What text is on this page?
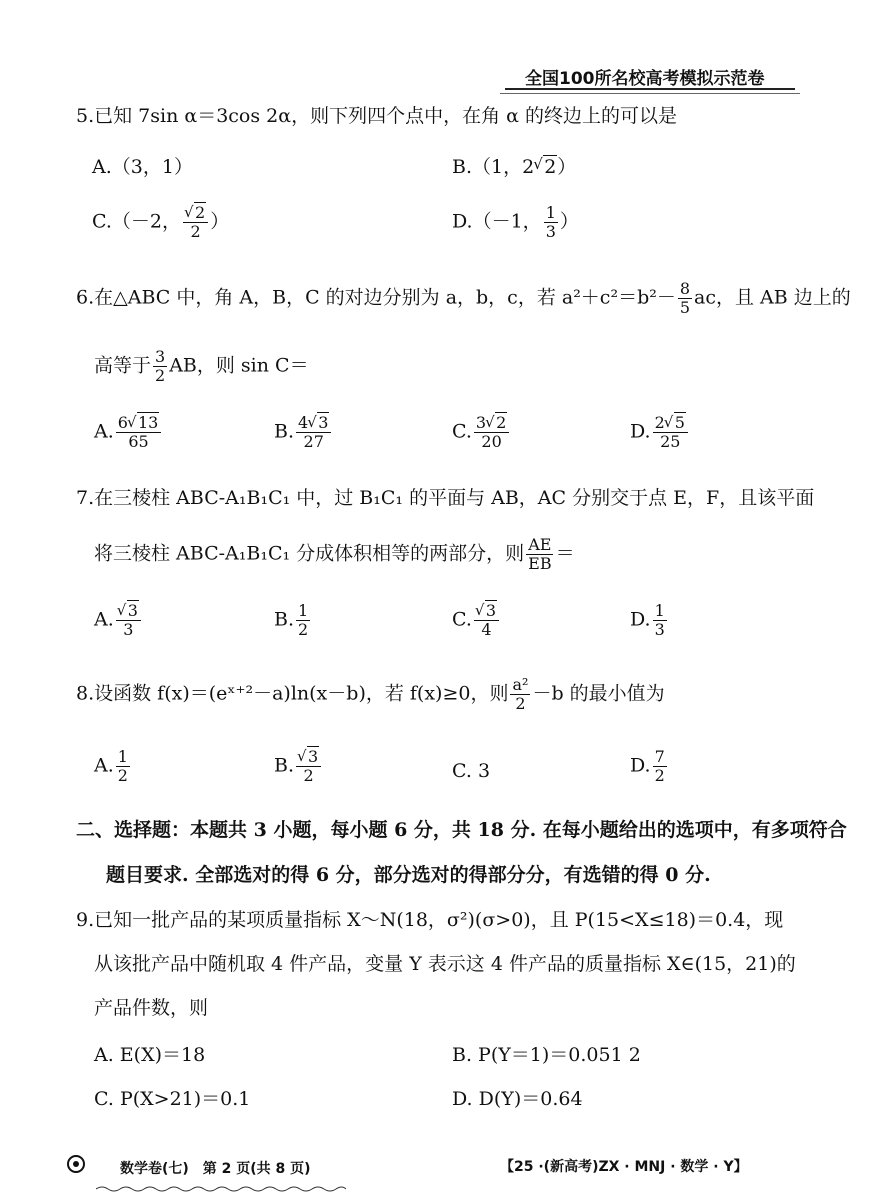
全国100所名校高考模拟示范卷
5.已知 7sin α＝3cos 2α，则下列四个点中，在角 α 的终边上的可以是
A.（3，1）	B.（1，2 √ 2）
C.（－2， √ $\frac{2}{2}$ ）	D.（－1， $\frac{1}{3}$ ）
6.在△ABC 中，角 A，B，C 的对边分别为 a，b，c，若 $a^2+c^2=b^2- \frac{8}{5}$ ac，且 AB 边上的
高等于 $\frac{3}{2}$ AB，则 sin C＝
A. $\frac{6 √ 13}{65}$	B. $\frac{4 √ 3}{27}$	C. $\frac{3 √ 2}{20}$	D. $\frac{2 √ 5}{25}$
7.在三棱柱 ABC-A₁B₁C₁ 中，过 B₁C₁ 的平面与 AB，AC 分别交于点 E，F，且该平面
将三棱柱 ABC-A₁B₁C₁ 分成体积相等的两部分，则 $\frac{AE}{EB}$ ＝
A. √ $\frac{3}{3}$	B. $\frac{1}{2}$	C. √ $\frac{3}{4}$	D. $\frac{1}{3}$
8.设函数 f(x)＝(eˣ⁺²－a)ln(x－b)，若 f(x)≥0，则 $\frac{\text{a²}}{2} -b$ 的最小值为
A. $\frac{1}{2}$	B. √ $\frac{3}{2}$	C. 3	D. $\frac{7}{2}$
二、选择题：本题共 3 小题，每小题 6 分，共 18 分. 在每小题给出的选项中，有多项符合
题目要求. 全部选对的得 6 分，部分选对的得部分分，有选错的得 0 分.
9.已知一批产品的某项质量指标 X～N(18，σ²)(σ>0)，且 P(15<X≤18)＝0.4，现
从该批产品中随机取 4 件产品，变量 Y 表示这 4 件产品的质量指标 X∈(15，21)的
产品件数，则
A. E(X)＝18	B. P(Y＝1)＝0.051 2
C. P(X>21)＝0.1	D. D(Y)＝0.64
数学卷(七)　第 2 页(共 8 页)	【25 ·(新高考)ZX · MNJ · 数学 · Y】
